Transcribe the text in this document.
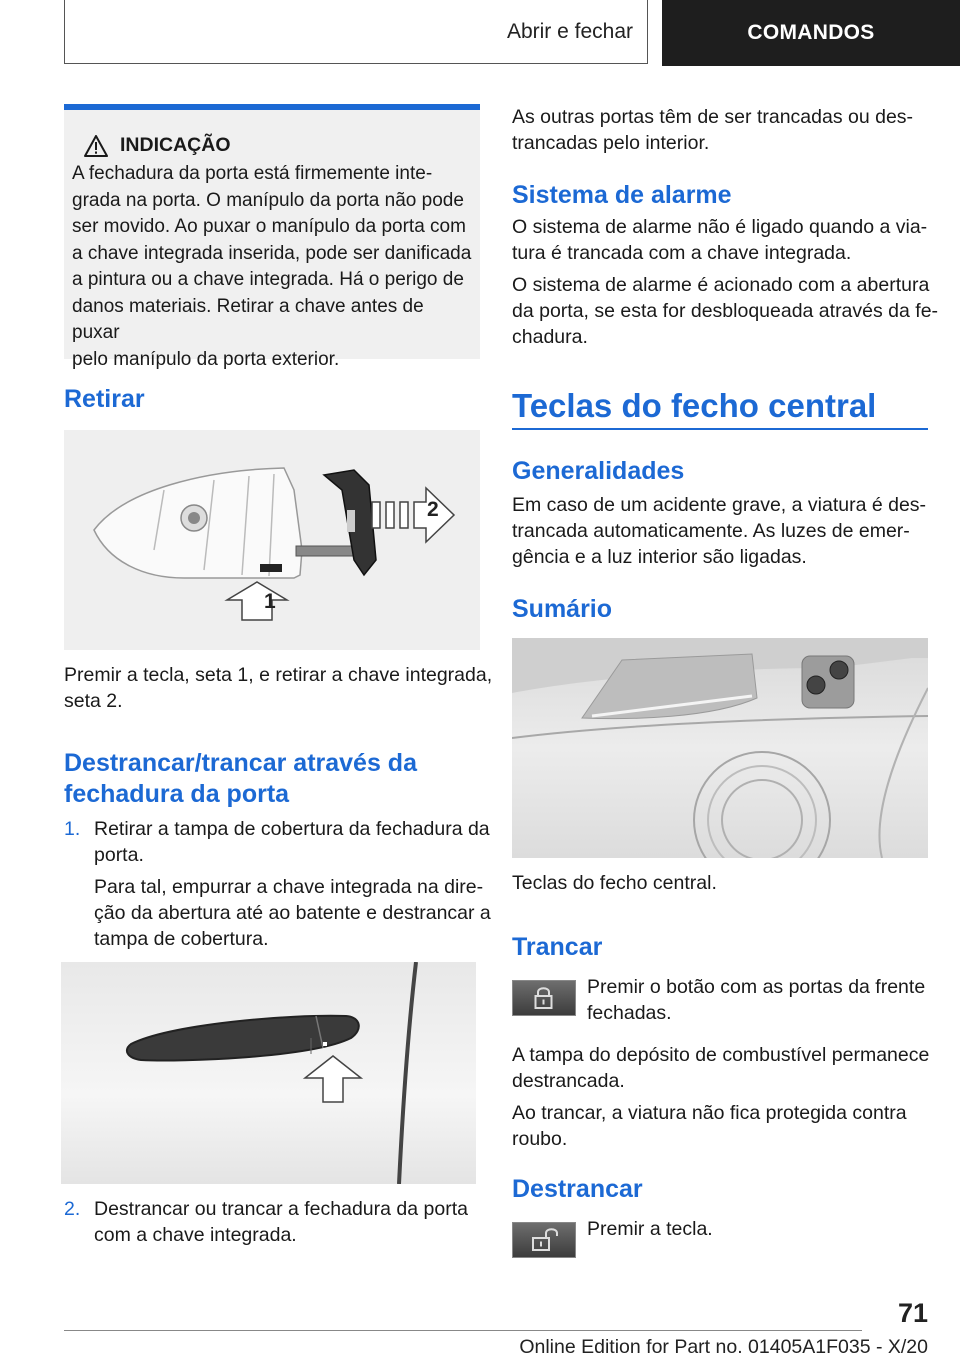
Abrir e fechar	COMANDOS
INDICAÇÃO

A fechadura da porta está firmemente inte-

grada na porta. O manípulo da porta não pode

ser movido. Ao puxar o manípulo da porta com

a chave integrada inserida, pode ser danificada

a pintura ou a chave integrada. Há o perigo de

danos materiais. Retirar a chave antes de puxar

pelo manípulo da porta exterior.

Retirar
2
1

Premir a tecla, seta 1, e retirar a chave integrada,

seta 2.

Destrancar/trancar através da
fechadura da porta
1. Retirar a tampa de cobertura da fechadura da

porta.

Para tal, empurrar a chave integrada na dire-

ção da abertura até ao batente e destrancar a

tampa de cobertura.

2. Destrancar ou trancar a fechadura da porta

com a chave integrada.

As outras portas têm de ser trancadas ou des-

trancadas pelo interior.

Sistema de alarme

O sistema de alarme não é ligado quando a via-

tura é trancada com a chave integrada.

O sistema de alarme é acionado com a abertura

da porta, se esta for desbloqueada através da fe-

chadura.

Teclas do fecho central
Generalidades

Em caso de um acidente grave, a viatura é des-

trancada automaticamente. As luzes de emer-

gência e a luz interior são ligadas.

Sumário

Teclas do fecho central.

Trancar

Premir o botão com as portas da frente

fechadas.

A tampa do depósito de combustível permanece

destrancada.

Ao trancar, a viatura não fica protegida contra

roubo.

Destrancar

Premir a tecla.

71
Online Edition for Part no. 01405A1F035 - X/20
